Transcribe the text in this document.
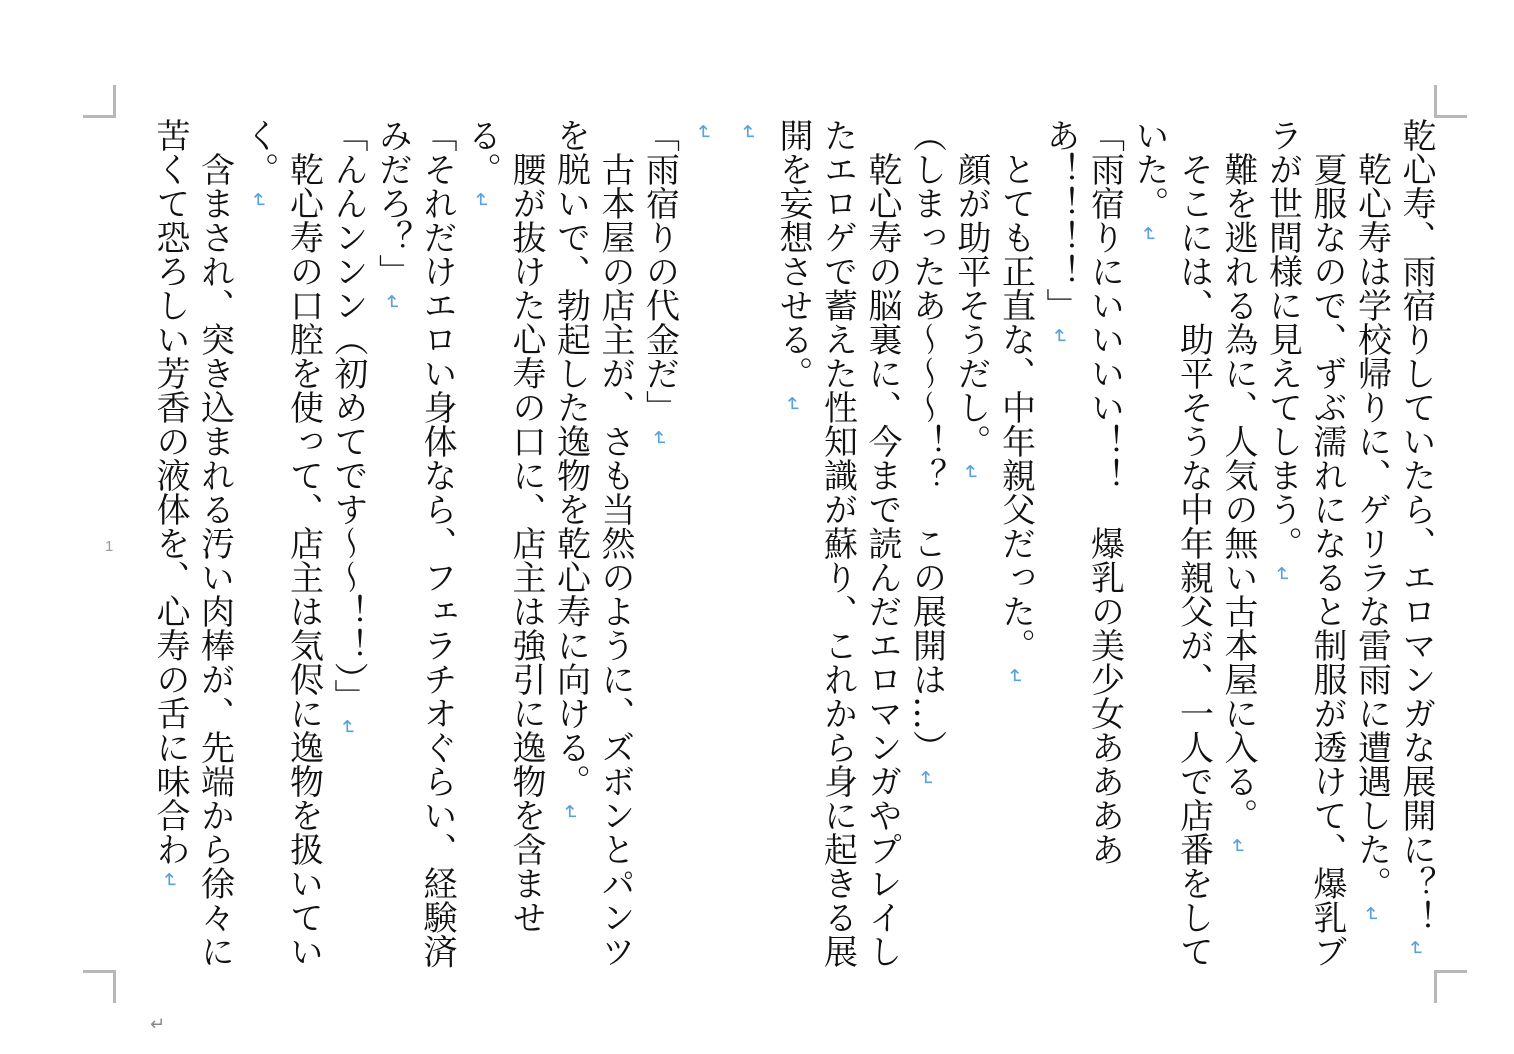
乾心寿、雨宿りしていたら、エロマンガな展開に？！↵
乾心寿は学校帰りに、ゲリラな雷雨に遭遇した。↵
夏服なので、ずぶ濡れになると制服が透けて、爆乳ブラが世間様に見えてしまう。↵
難を逃れる為に、人気の無い古本屋に入る。↵
そこには、助平そうな中年親父が、一人で店番をしていた。↵
「雨宿りにいいいい！！　爆乳の美少女あああああ！！！！」↵
とても正直な、中年親父だった。↵
顔が助平そうだし。↵
（しまったあ〜〜〜！？　この展開は…）↵
乾心寿の脳裏に、今まで読んだエロマンガやプレイしたエロゲで蓄えた性知識が蘇り、これから身に起きる展開を妄想させる。↵
↵
↵
「雨宿りの代金だ」↵
古本屋の店主が、さも当然のように、ズボンとパンツを脱いで、勃起した逸物を乾心寿に向ける。↵
腰が抜けた心寿の口に、店主は強引に逸物を含ませる。↵
「それだけエロい身体なら、フェラチオぐらい、経験済みだろ？」↵
「んんンンン（初めてです〜〜！！）」↵
乾心寿の口腔を使って、店主は気侭に逸物を扱いていく。↵
含まされ、突き込まれる汚い肉棒が、先端から徐々に苦くて恐ろしい芳香の液体を、心寿の舌に味合わ↵
1
↵
